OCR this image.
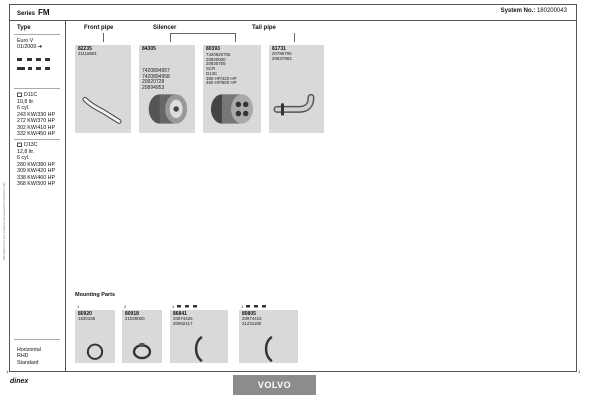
Series FM	System No.: 180200043
Manufacturer's part numbers are quoted for reference only
Type
Euro V
01/2009 ➜
D11C
10,8 ltr.
6 cyl.
243 KW/330 HP
272 KW/370 HP
302 KW/410 HP
332 KW/450 HP
D13C
12,8 ltr.
6 cyl.
280 KW/380 HP
309 KW/420 HP
338 KW/460 HP
368 KW/500 HP
Horizontal
RHD
Standard
Front pipe	Silencer	Tail pipe
82235
21118681
84305
7420894957
7420894958
20920728
20894953
80393
7420920706
20920000
20920705
SCR
D13C
380 HP/420 HP
460 HP/500 HP
81731
20786795
20837983
Mounting Parts
1	2	1	1
80920
1630168
80918
21029000
86841
20974426
20992417
80805
20974416
21231180
dinex	VOLVO
1	1
